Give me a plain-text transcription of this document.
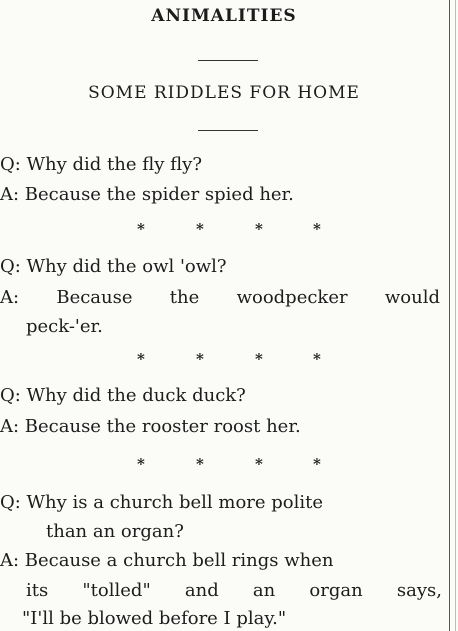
ANIMALITIES
SOME RIDDLES FOR HOME
Q: Why did the fly fly?
A: Because the spider spied her.
*	*	*	*
Q: Why did the owl 'owl?
A: Because the woodpecker would
peck-'er.
*	*	*	*
Q: Why did the duck duck?
A: Because the rooster roost her.
*	*	*	*
Q: Why is a church bell more polite
than an organ?
A: Because a church bell rings when
its "tolled" and an organ says,
"I'll be blowed before I play."
